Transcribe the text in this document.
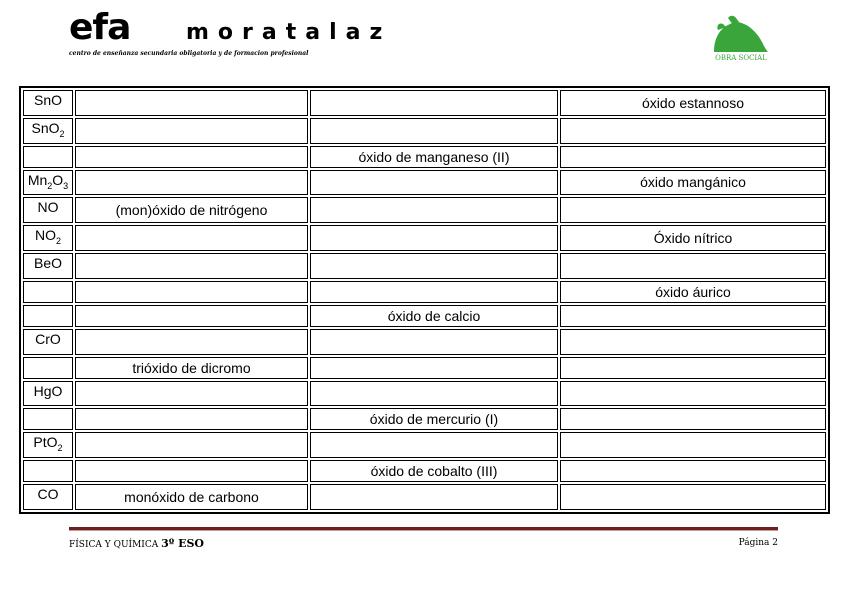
efa	moratalaz
centro de enseñanza secundaria obligatoria y de formacion profesional
OBRA SOCIAL
SnO			óxido estannoso
SnO$_2$			
		óxido de manganeso (II)	
$Mn_2O_3$			óxido mangánico
NO	(mon)óxido de nitrógeno		
$NO_2$			Óxido nítrico
BeO			
			óxido áurico
		óxido de calcio	
CrO			
	trióxido de dicromo		
HgO			
		óxido de mercurio (I)	
PtO$_2$			
		óxido de cobalto (III)	
CO	monóxido de carbono		
FÍSICA Y QUÍMICA 3º ESO	Página 2
